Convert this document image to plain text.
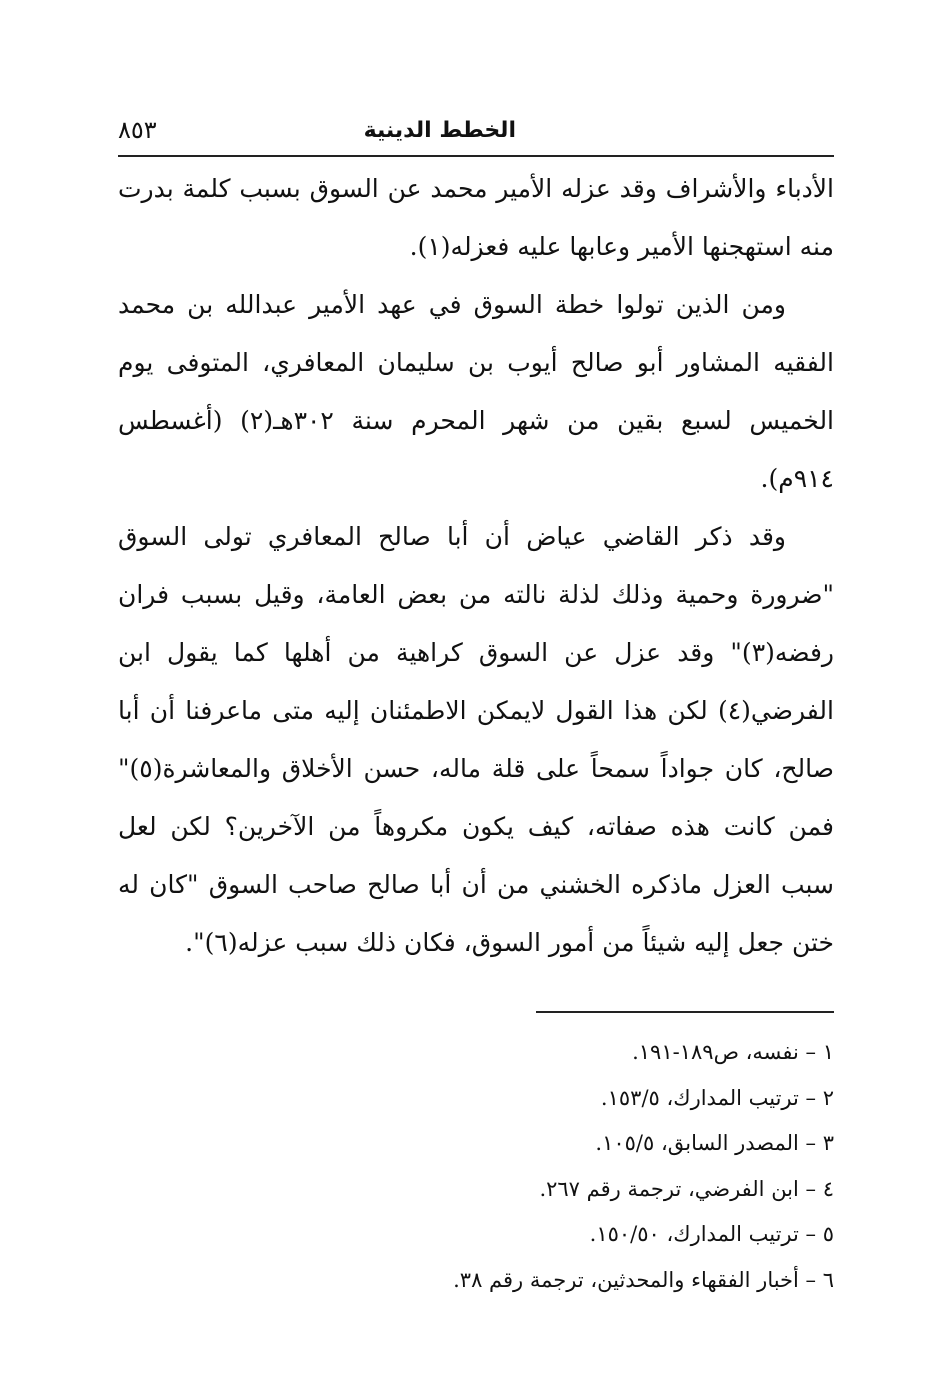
الخطط الدينية
٨٥٣

الأدباء والأشراف وقد عزله الأمير محمد عن السوق بسبب كلمة بدرت منه استهجنها الأمير وعابها عليه فعزله(١).

ومن الذين تولوا خطة السوق في عهد الأمير عبدالله بن محمد الفقيه المشاور أبو صالح أيوب بن سليمان المعافري، المتوفى يوم الخميس لسبع بقين من شهر المحرم سنة ٣٠٢هـ(٢) (أغسطس ٩١٤م).

وقد ذكر القاضي عياض أن أبا صالح المعافري تولى السوق "ضرورة وحمية وذلك لذلة نالته من بعض العامة، وقيل بسبب فران رفضه(٣)" وقد عزل عن السوق كراهية من أهلها كما يقول ابن الفرضي(٤) لكن هذا القول لايمكن الاطمئنان إليه متى ماعرفنا أن أبا صالح، كان جواداً سمحاً على قلة ماله، حسن الأخلاق والمعاشرة(٥)" فمن كانت هذه صفاته، كيف يكون مكروهاً من الآخرين؟ لكن لعل سبب العزل ماذكره الخشني من أن أبا صالح صاحب السوق "كان له ختن جعل إليه شيئاً من أمور السوق، فكان ذلك سبب عزله(٦)".

١ – نفسه، ص١٨٩-١٩١.
٢ – ترتيب المدارك، ١٥٣/٥.
٣ – المصدر السابق، ١٠٥/٥.
٤ – ابن الفرضي، ترجمة رقم ٢٦٧.
٥ – ترتيب المدارك، ١٥٠/٥٠.
٦ – أخبار الفقهاء والمحدثين، ترجمة رقم ٣٨.
